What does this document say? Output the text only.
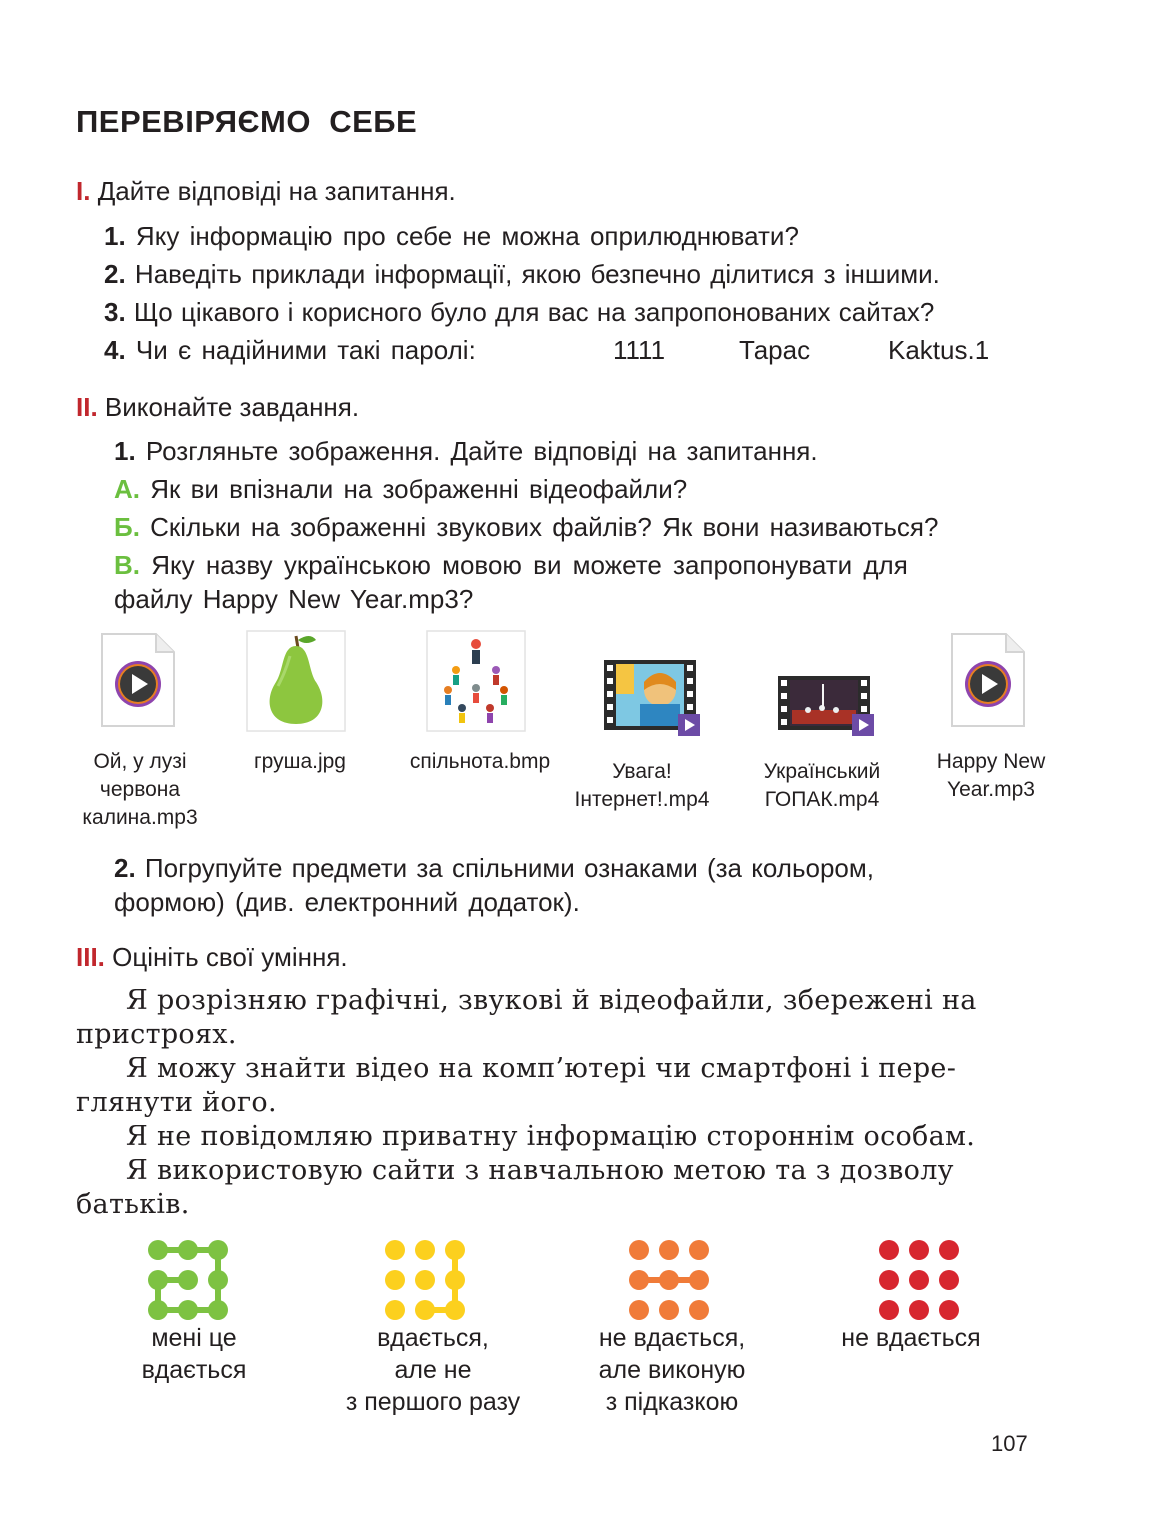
ПЕРЕВІРЯЄМО  СЕБЕ
I. Дайте відповіді на запитання.
1. Яку інформацію про себе не можна оприлюднювати?
2. Наведіть приклади інформації, якою безпечно ділитися з іншими.
3. Що цікавого і корисного було для вас на запропонованих сайтах?
4. Чи є надійними такі паролі:	1111	Тарас	Kaktus.1
II. Виконайте завдання.
1. Розгляньте зображення. Дайте відповіді на запитання.
А. Як ви впізнали на зображенні відеофайли?
Б. Скільки на зображенні звукових файлів? Як вони називаються?
В. Яку назву українською мовою ви можете запропонувати для
файлу Happy New Year.mp3?
Ой, у лузі
червона
калина.mp3
груша.jpg	спільнота.bmp	Увага!
Інтернет!.mp4
Український
ГОПАК.mp4
Happy New
Year.mp3
2. Погрупуйте предмети за спільними ознаками (за кольором,
формою) (див. електронний додаток).
III. Оцініть свої уміння.
Я розрізняю графічні, звукові й відеофайли, збережені на
пристроях.
Я можу знайти відео на комп’ютері чи смартфоні і пере-
глянути його.
Я не повідомляю приватну інформацію стороннім особам.
Я використовую сайти з навчальною метою та з дозволу
батьків.
мені це
вдається
вдається,
але не
з першого разу
не вдається,
але виконую
з підказкою
не вдається
107
